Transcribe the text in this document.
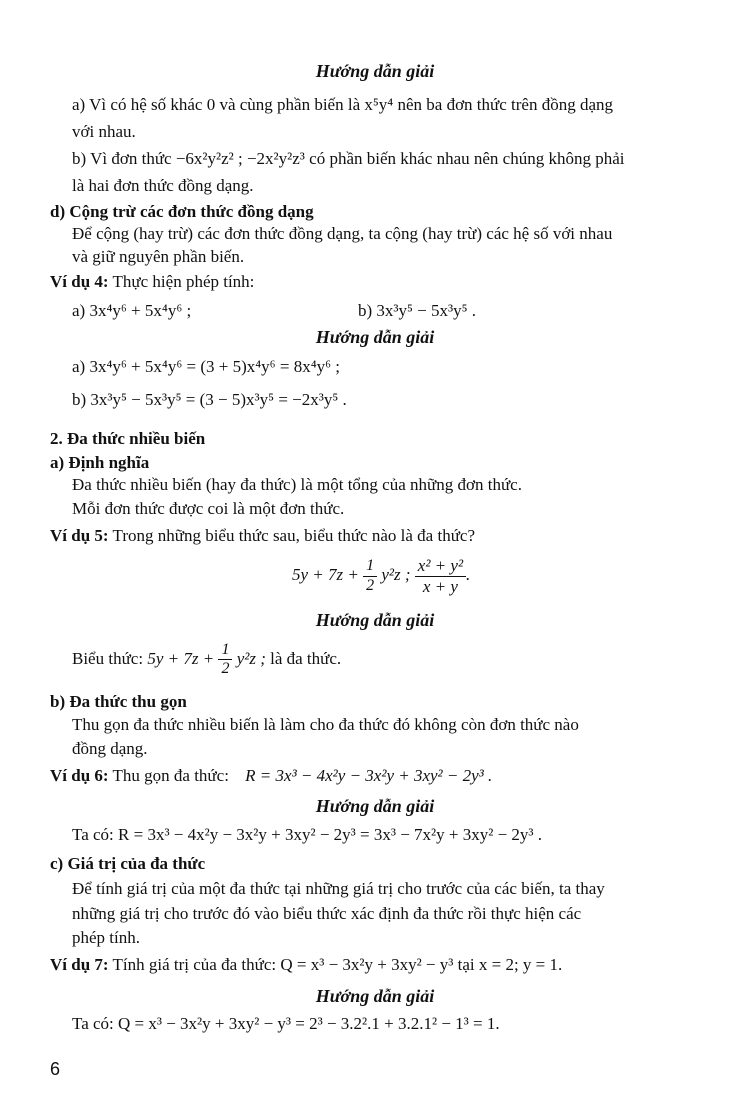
Hướng dẫn giải
a) Vì có hệ số khác 0 và cùng phần biến là x⁵y⁴ nên ba đơn thức trên đồng dạng
với nhau.
b) Vì đơn thức −6x²y²z² ; −2x²y²z³ có phần biến khác nhau nên chúng không phải
là hai đơn thức đồng dạng.
d) Cộng trừ các đơn thức đồng dạng
Để cộng (hay trừ) các đơn thức đồng dạng, ta cộng (hay trừ) các hệ số với nhau
và giữ nguyên phần biến.
Ví dụ 4: Thực hiện phép tính:
a) 3x⁴y⁶ + 5x⁴y⁶ ;	b) 3x³y⁵ − 5x³y⁵ .
Hướng dẫn giải
a) 3x⁴y⁶ + 5x⁴y⁶ = (3 + 5)x⁴y⁶ = 8x⁴y⁶ ;
b) 3x³y⁵ − 5x³y⁵ = (3 − 5)x³y⁵ = −2x³y⁵ .
2. Đa thức nhiều biến
a) Định nghĩa
Đa thức nhiều biến (hay đa thức) là một tổng của những đơn thức.
Mỗi đơn thức được coi là một đơn thức.
Ví dụ 5: Trong những biểu thức sau, biểu thức nào là đa thức?
$5y + 7z + \frac{1}{2} y^2z$ ; $\frac{\text{x² + y²}}{x + y}$ .
Hướng dẫn giải
Biểu thức: $5y + 7z + \frac{1}{2} y^2z$ ; là đa thức.
b) Đa thức thu gọn
Thu gọn đa thức nhiều biến là làm cho đa thức đó không còn đơn thức nào
đồng dạng.
Ví dụ 6: Thu gọn đa thức: R = 3x³ − 4x²y − 3x²y + 3xy² − 2y³ .
Hướng dẫn giải
Ta có: R = 3x³ − 4x²y − 3x²y + 3xy² − 2y³ = 3x³ − 7x²y + 3xy² − 2y³ .
c) Giá trị của đa thức
Để tính giá trị của một đa thức tại những giá trị cho trước của các biến, ta thay
những giá trị cho trước đó vào biểu thức xác định đa thức rồi thực hiện các
phép tính.
Ví dụ 7: Tính giá trị của đa thức: Q = x³ − 3x²y + 3xy² − y³ tại x = 2; y = 1.
Hướng dẫn giải
Ta có: Q = x³ − 3x²y + 3xy² − y³ = 2³ − 3.2².1 + 3.2.1² − 1³ = 1.
6
